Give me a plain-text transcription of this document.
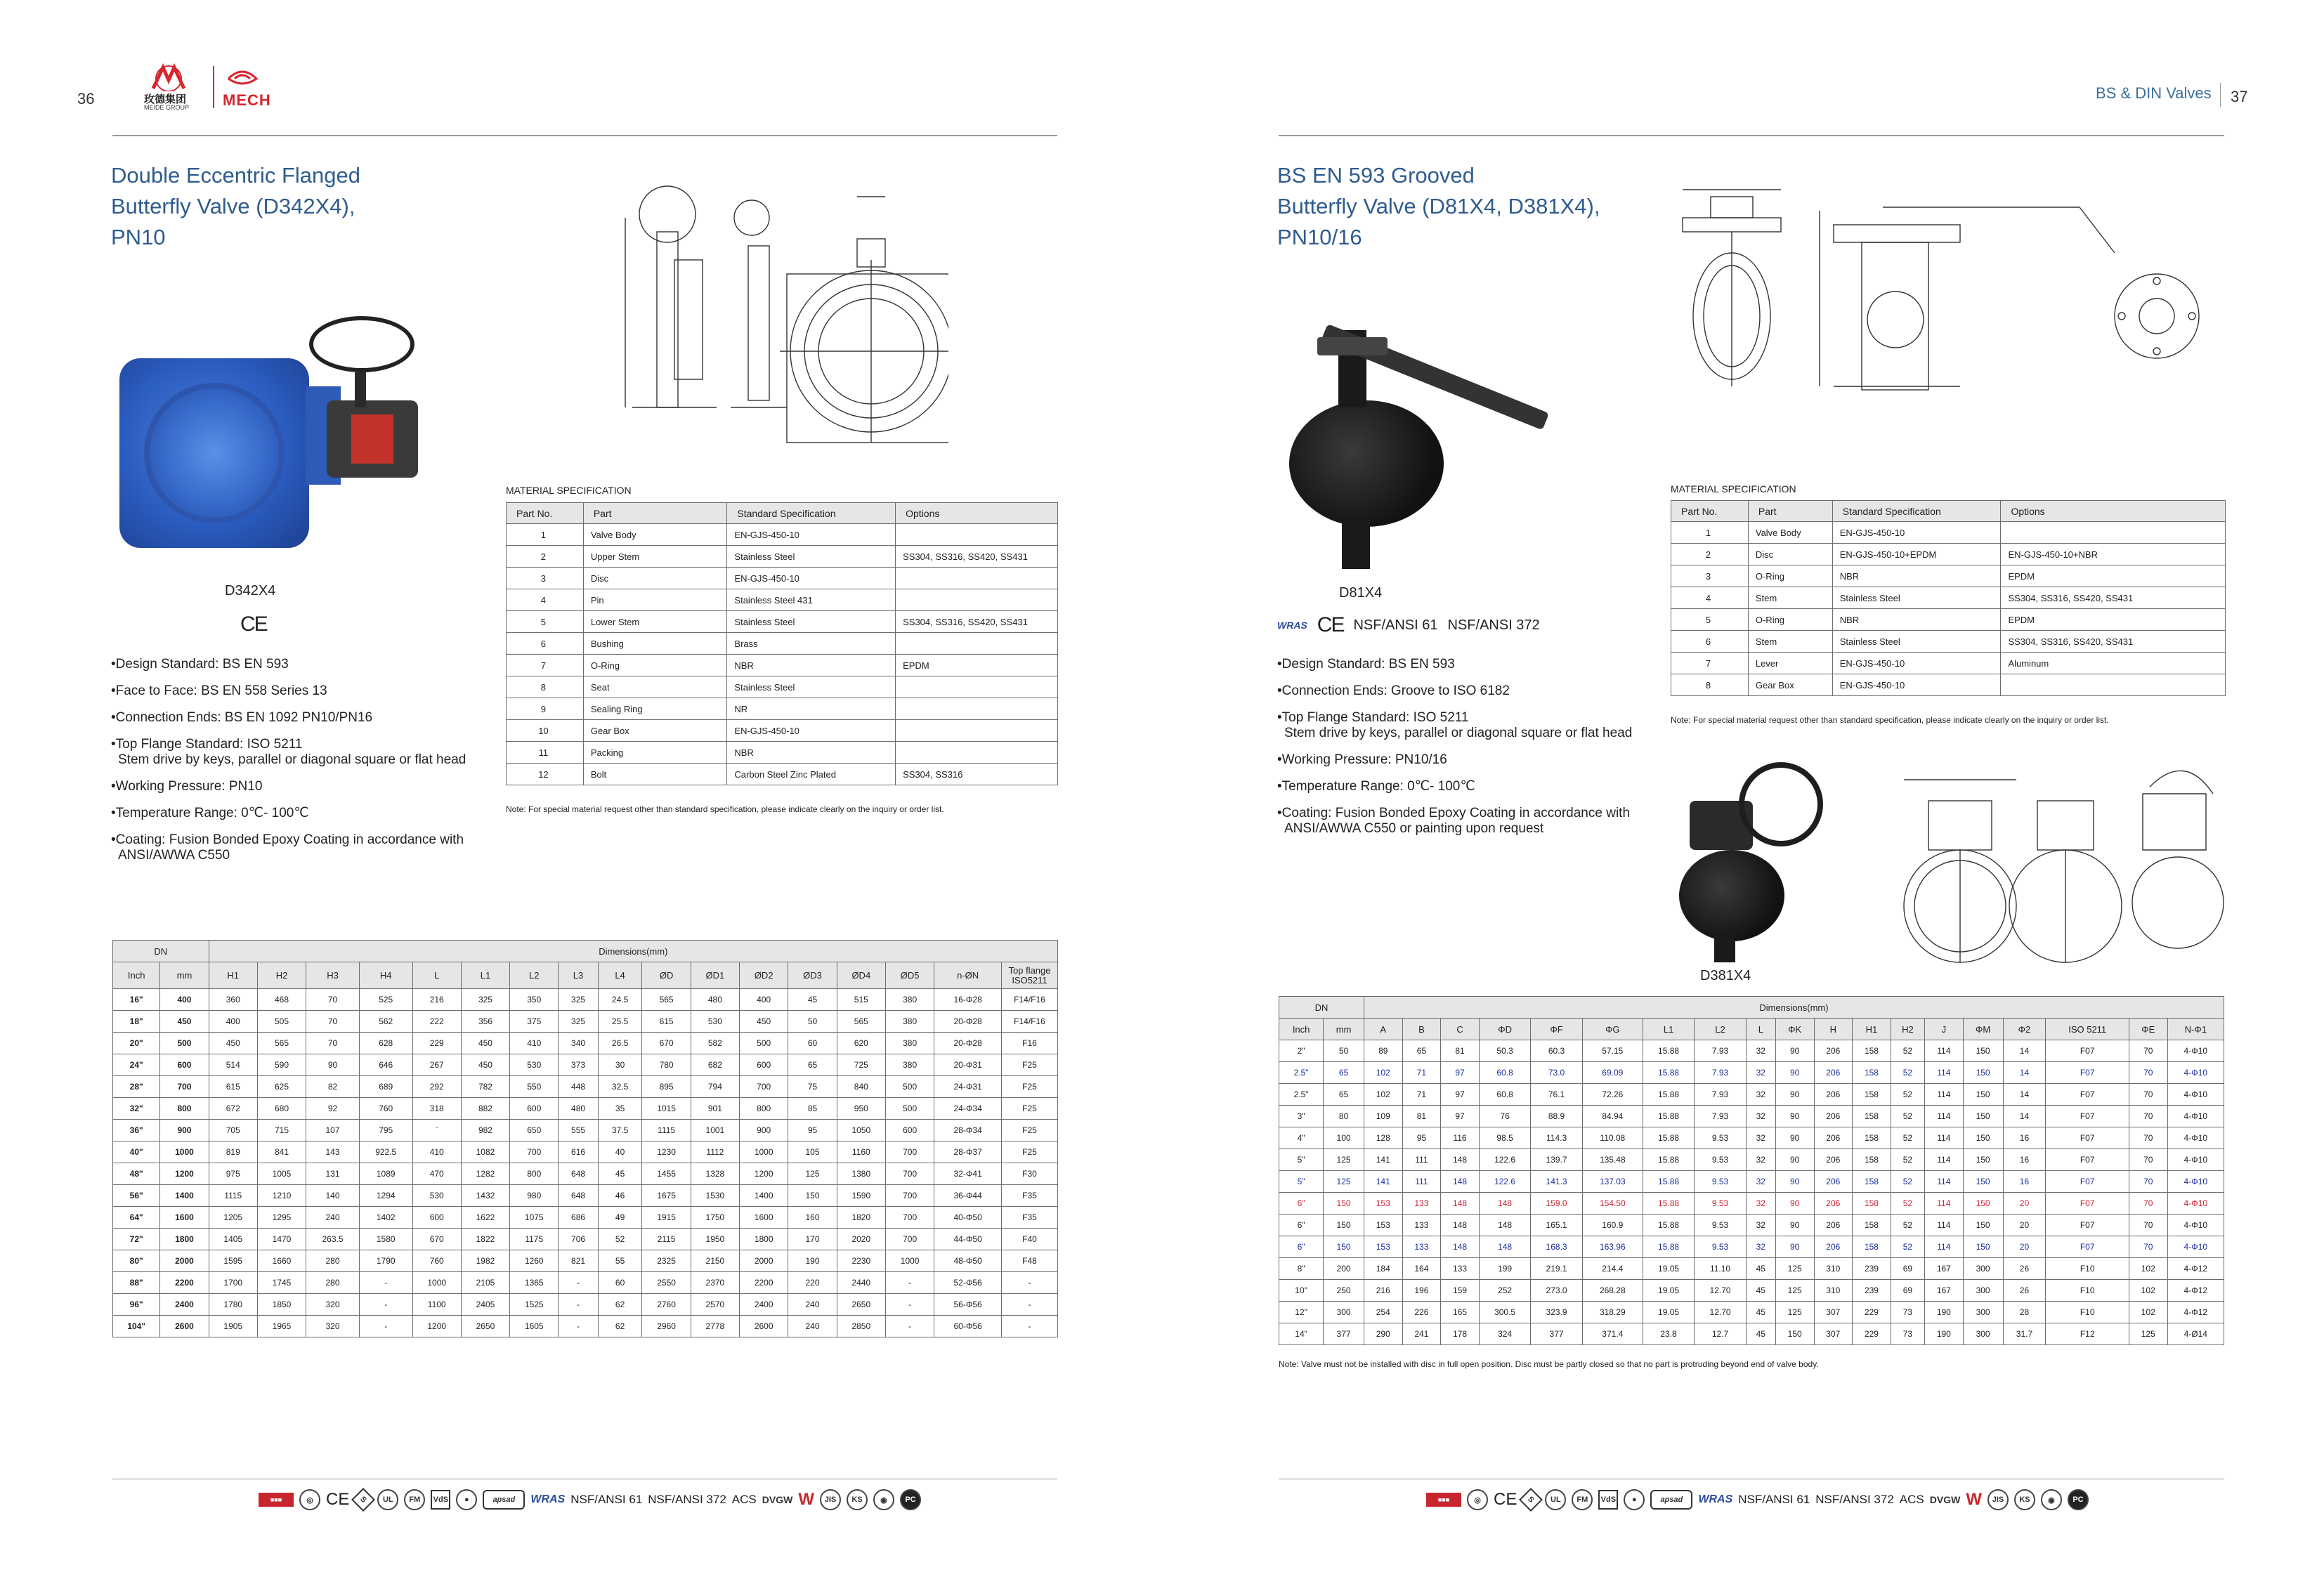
36	玫德集团
MEIDE GROUP MECH
Double Eccentric Flanged
Butterfly Valve (D342X4),
PN10
D342X4
CE
• Design Standard: BS EN 593
• Face to Face: BS EN 558 Series 13
• Connection Ends: BS EN 1092 PN10/PN16
• Top Flange Standard: ISO 5211
Stem drive by keys, parallel or diagonal square or flat head
• Working Pressure: PN10
• Temperature Range: 0℃- 100℃
• Coating: Fusion Bonded Epoxy Coating in accordance with
ANSI/AWWA C550
MATERIAL SPECIFICATION
Part No.	Part	Standard Specification	Options
1	Valve Body	EN-GJS-450-10	
2	Upper Stem	Stainless Steel	SS304, SS316, SS420, SS431
3	Disc	EN-GJS-450-10	
4	Pin	Stainless Steel 431	
5	Lower Stem	Stainless Steel	SS304, SS316, SS420, SS431
6	Bushing	Brass	
7	O-Ring	NBR	EPDM
8	Seat	Stainless Steel	
9	Sealing Ring	NR	
10	Gear Box	EN-GJS-450-10	
11	Packing	NBR	
12	Bolt	Carbon Steel Zinc Plated	SS304, SS316
Note: For special material request other than standard specification, please indicate clearly on the inquiry or order list.
DN		Dimensions(mm)																
Inch	mm	H1	H2	H3	H4	L	L1	L2	L3	L4	ØD	ØD1	ØD2	ØD3	ØD4	ØD5	n-ØN	Top flange ISO5211
16"	400	360	468	70	525	216	325	350	325	24.5	565	480	400	45	515	380	16-Φ28	F14/F16
18"	450	400	505	70	562	222	356	375	325	25.5	615	530	450	50	565	380	20-Φ28	F14/F16
20"	500	450	565	70	628	229	450	410	340	26.5	670	582	500	60	620	380	20-Φ28	F16
24"	600	514	590	90	646	267	450	530	373	30	780	682	600	65	725	380	20-Φ31	F25
28"	700	615	625	82	689	292	782	550	448	32.5	895	794	700	75	840	500	24-Φ31	F25
32"	800	672	680	92	760	318	882	600	480	35	1015	901	800	85	950	500	24-Φ34	F25
36"	900	705	715	107	795	`	982	650	555	37.5	1115	1001	900	95	1050	600	28-Φ34	F25
40"	1000	819	841	143	922.5	410	1082	700	616	40	1230	1112	1000	105	1160	700	28-Φ37	F25
48"	1200	975	1005	131	1089	470	1282	800	648	45	1455	1328	1200	125	1380	700	32-Φ41	F30
56"	1400	1115	1210	140	1294	530	1432	980	648	46	1675	1530	1400	150	1590	700	36-Φ44	F35
64"	1600	1205	1295	240	1402	600	1622	1075	686	49	1915	1750	1600	160	1820	700	40-Φ50	F35
72"	1800	1405	1470	263.5	1580	670	1822	1175	706	52	2115	1950	1800	170	2020	700	44-Φ50	F40
80"	2000	1595	1660	280	1790	760	1982	1260	821	55	2325	2150	2000	190	2230	1000	48-Φ50	F48
88"	2200	1700	1745	280	-	1000	2105	1365	-	60	2550	2370	2200	220	2440	-	52-Φ56	-
96"	2400	1780	1850	320	-	1100	2405	1525	-	62	2760	2570	2400	240	2650	-	56-Φ56	-
104"	2600	1905	1965	320	-	1200	2650	1605	-	62	2960	2778	2600	240	2850	-	60-Φ56	-
■■■	◎ CE	S	UL	FM	VdS	●	apsad	WRAS NSF/ANSI 61 NSF/ANSI 372 ACS DVGW W	JIS	KS	◉	PC
BS & DIN Valves 37
BS EN 593 Grooved
Butterfly Valve (D81X4, D381X4),
PN10/16
D81X4
WRAS CE NSF/ANSI 61 NSF/ANSI 372
• Design Standard: BS EN 593
• Connection Ends: Groove to ISO 6182
• Top Flange Standard: ISO 5211
Stem drive by keys, parallel or diagonal square or flat head
• Working Pressure: PN10/16
• Temperature Range: 0℃- 100℃
• Coating: Fusion Bonded Epoxy Coating in accordance with
ANSI/AWWA C550 or painting upon request
MATERIAL SPECIFICATION
Part No.	Part	Standard Specification	Options
1	Valve Body	EN-GJS-450-10	
2	Disc	EN-GJS-450-10+EPDM	EN-GJS-450-10+NBR
3	O-Ring	NBR	EPDM
4	Stem	Stainless Steel	SS304, SS316, SS420, SS431
5	O-Ring	NBR	EPDM
6	Stem	Stainless Steel	SS304, SS316, SS420, SS431
7	Lever	EN-GJS-450-10	Aluminum
8	Gear Box	EN-GJS-450-10	
Note: For special material request other than standard specification, please indicate clearly on the inquiry or order list.
D381X4
DN		Dimensions(mm)																		
Inch	mm	A	B	C	ΦD	ΦF	ΦG	L1	L2	L	ΦK	H	H1	H2	J	ΦM	Φ2	ISO 5211	ΦE	N-Φ1
2"	50	89	65	81	50.3	60.3	57.15	15.88	7.93	32	90	206	158	52	114	150	14	F07	70	4-Φ10
2.5"	65	102	71	97	60.8	73.0	69.09	15.88	7.93	32	90	206	158	52	114	150	14	F07	70	4-Φ10
2.5"	65	102	71	97	60.8	76.1	72.26	15.88	7.93	32	90	206	158	52	114	150	14	F07	70	4-Φ10
3"	80	109	81	97	76	88.9	84.94	15.88	7.93	32	90	206	158	52	114	150	14	F07	70	4-Φ10
4"	100	128	95	116	98.5	114.3	110.08	15.88	9.53	32	90	206	158	52	114	150	16	F07	70	4-Φ10
5"	125	141	111	148	122.6	139.7	135.48	15.88	9.53	32	90	206	158	52	114	150	16	F07	70	4-Φ10
5"	125	141	111	148	122.6	141.3	137.03	15.88	9.53	32	90	206	158	52	114	150	16	F07	70	4-Φ10
6"	150	153	133	148	148	159.0	154.50	15.88	9.53	32	90	206	158	52	114	150	20	F07	70	4-Φ10
6"	150	153	133	148	148	165.1	160.9	15.88	9.53	32	90	206	158	52	114	150	20	F07	70	4-Φ10
6"	150	153	133	148	148	168.3	163.96	15.88	9.53	32	90	206	158	52	114	150	20	F07	70	4-Φ10
8"	200	184	164	133	199	219.1	214.4	19.05	11.10	45	125	310	239	69	167	300	26	F10	102	4-Φ12
10"	250	216	196	159	252	273.0	268.28	19.05	12.70	45	125	310	239	69	167	300	26	F10	102	4-Φ12
12"	300	254	226	165	300.5	323.9	318.29	19.05	12.70	45	125	307	229	73	190	300	28	F10	102	4-Φ12
14"	377	290	241	178	324	377	371.4	23.8	12.7	45	150	307	229	73	190	300	31.7	F12	125	4-Ø14
Note: Valve must not be installed with disc in full open position. Disc must be partly closed so that no part is protruding beyond end of valve body.
■■■	◎ CE	S	UL	FM	VdS	●	apsad	WRAS NSF/ANSI 61 NSF/ANSI 372 ACS DVGW W	JIS	KS	◉	PC
